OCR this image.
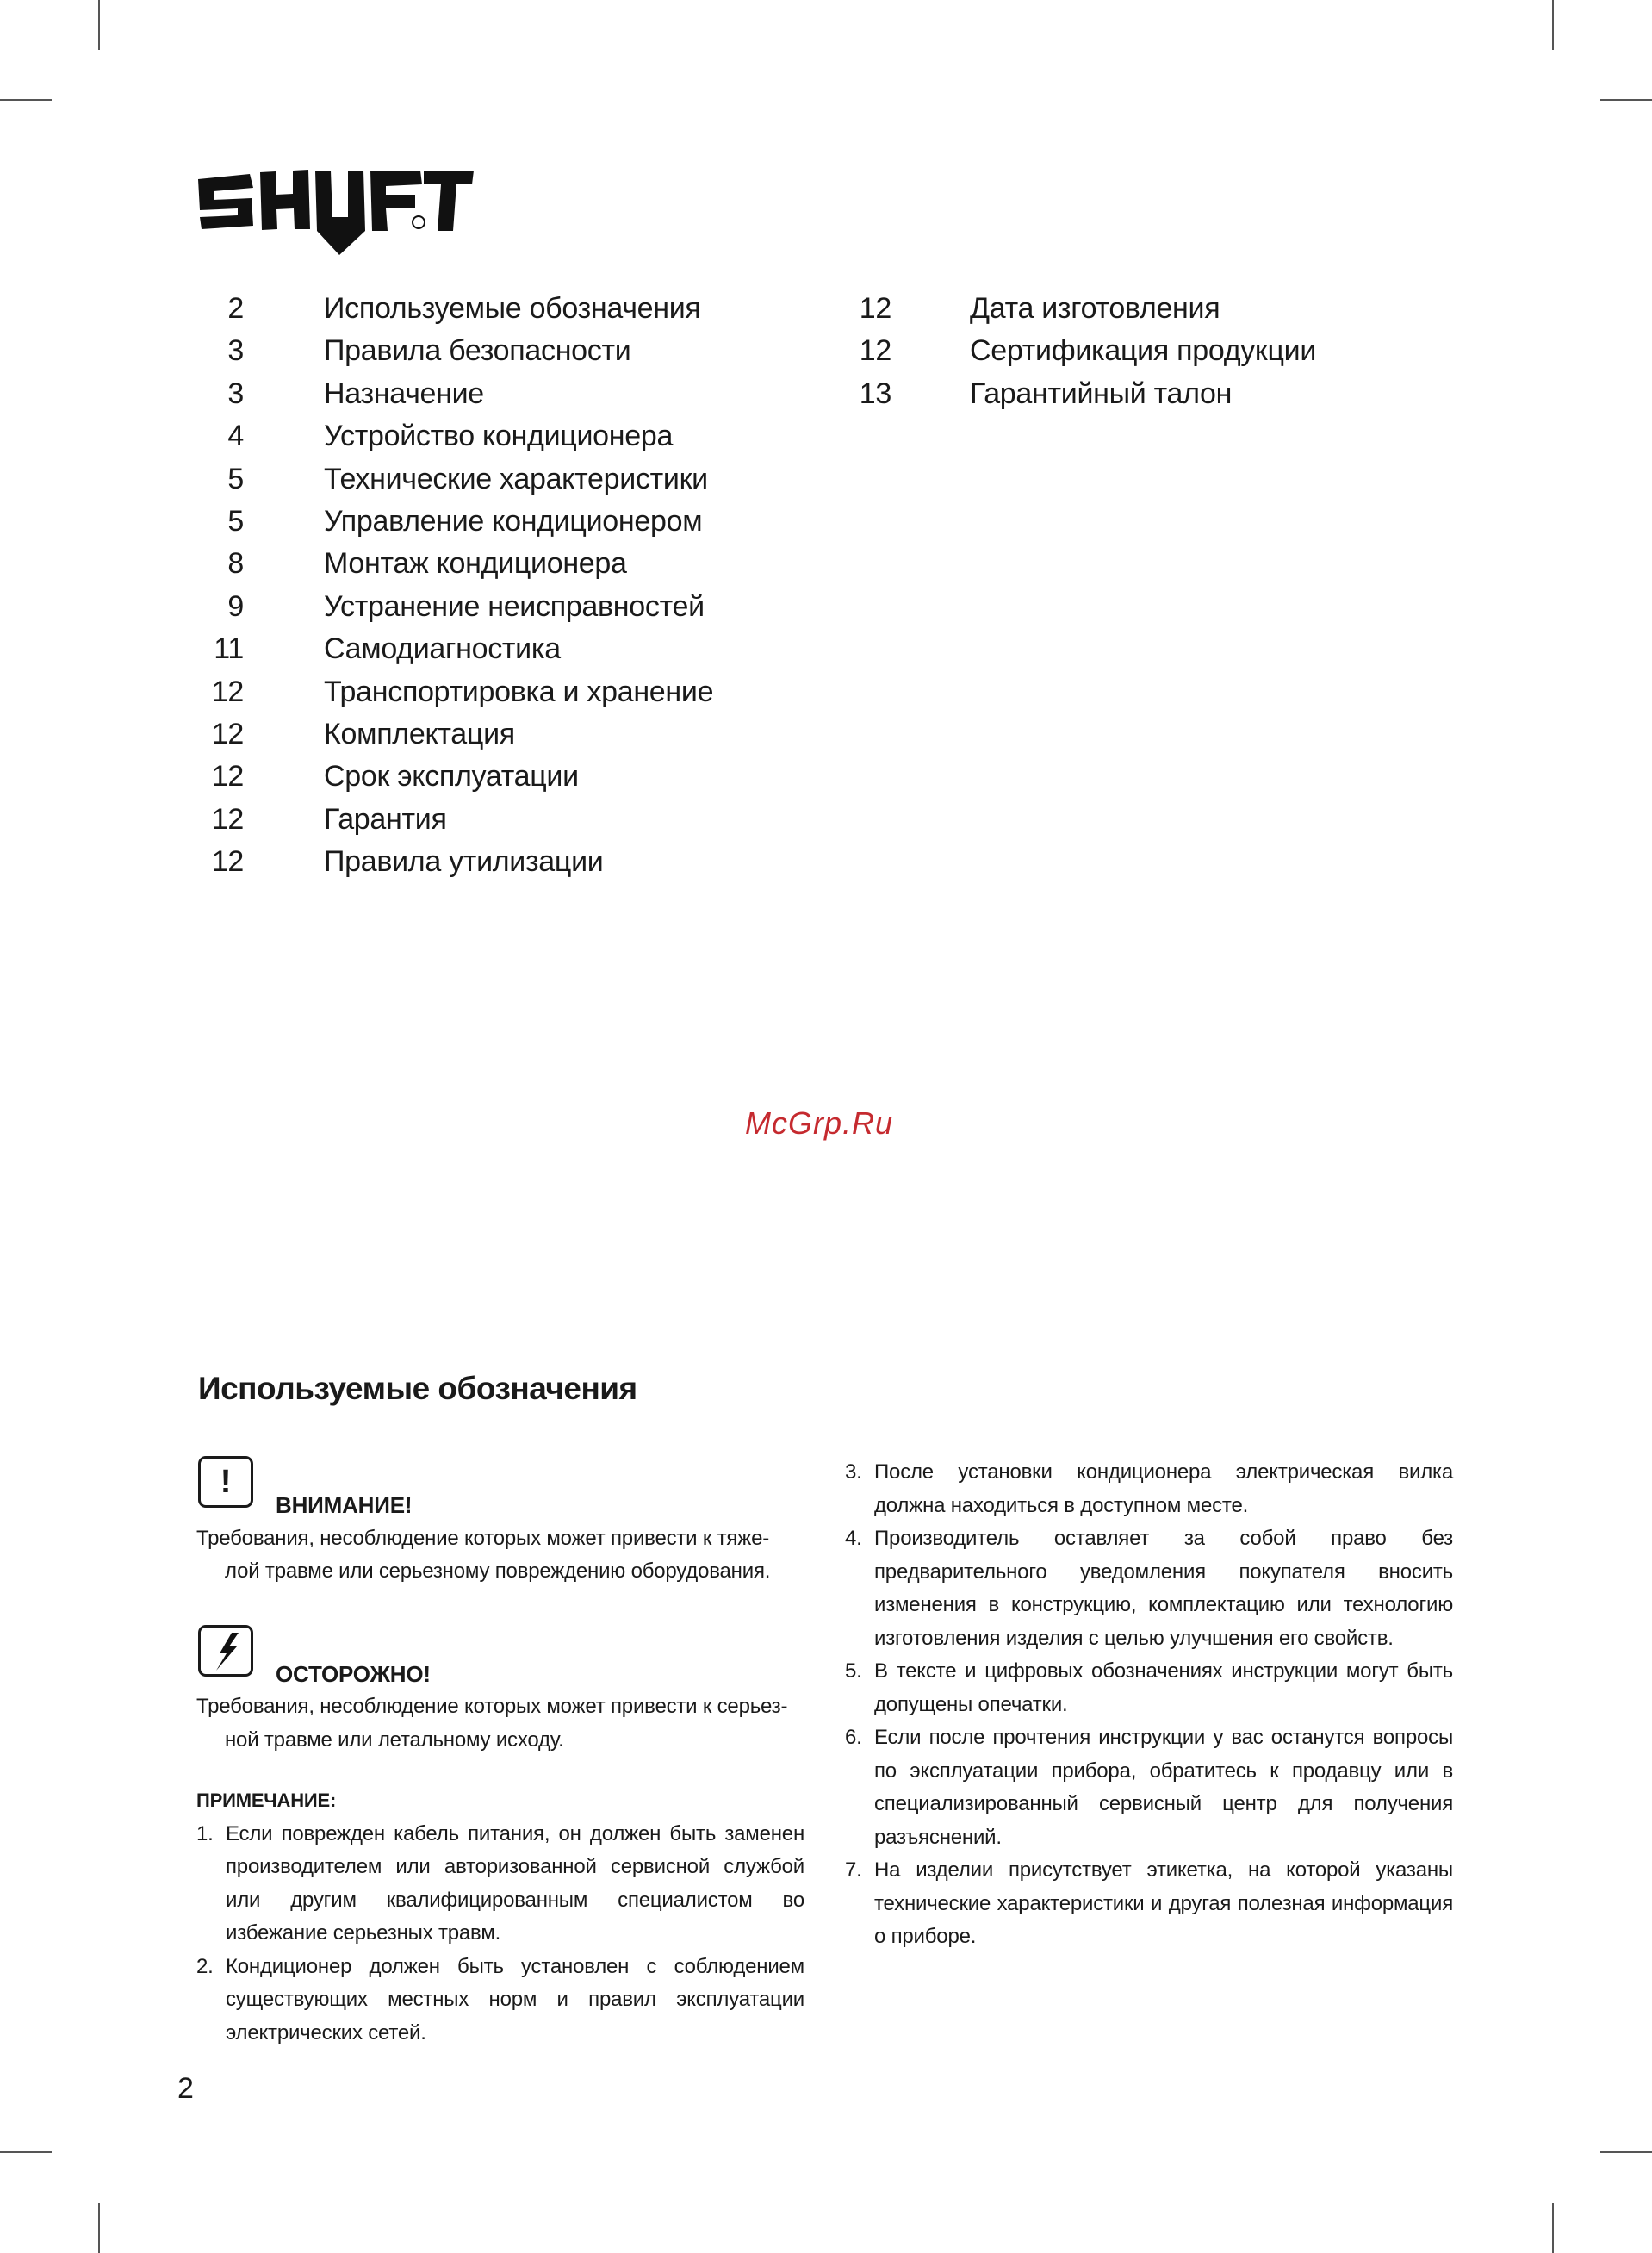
2	Используемые обозначения
3	Правила безопасности
3	Назначение
4	Устройство кондиционера
5	Технические характеристики
5	Управление кондиционером
8	Монтаж кондиционера
9	Устранение неисправностей
11	Самодиагностика
12	Транспортировка и хранение
12	Комплектация
12	Срок эксплуатации
12	Гарантия
12	Правила утилизации
12	Дата изготовления
12	Сертификация продукции
13	Гарантийный талон
McGrp.Ru
Используемые обозначения
!
ВНИМАНИЕ!

Требования, несоблюдение которых может привести к тяже-

лой травме или серьезному повреждению оборудования.

ОСТОРОЖНО!

Требования, несоблюдение которых может привести к серьез-

ной травме или летальному исходу.

ПРИМЕЧАНИЕ:
1. Если поврежден кабель питания, он должен быть заменен производителем или авторизованной сервисной службой или другим квалифицированным специалистом во избежание серьезных травм.
2. Кондиционер должен быть установлен с соблюдением существующих местных норм и правил эксплуатации электрических сетей.
3. После установки кондиционера электрическая вилка должна находиться в доступном месте.
4. Производитель оставляет за собой право без предварительного уведомления покупателя вносить изменения в конструкцию, комплектацию или технологию изготовления изделия с целью улучшения его свойств.
5. В тексте и цифровых обозначениях инструкции могут быть допущены опечатки.
6. Если после прочтения инструкции у вас останутся вопросы по эксплуатации прибора, обратитесь к продавцу или в специализированный сервисный центр для получения разъяснений.
7. На изделии присутствует этикетка, на которой указаны технические характеристики и другая полезная информация о приборе.
2
